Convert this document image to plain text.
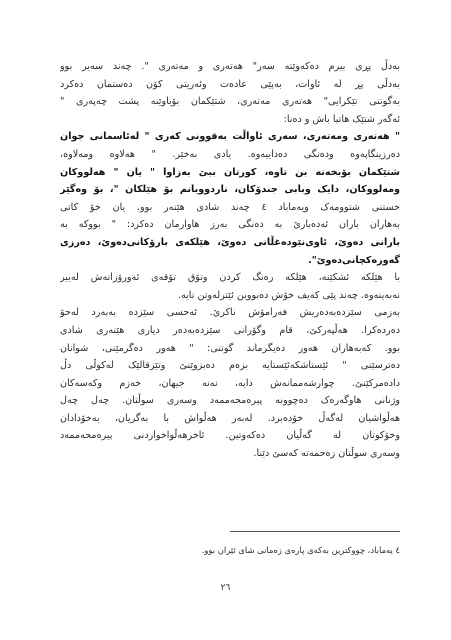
بەدڵ پڕی بیرم دەکەوێتە سەر" هەتەری و مەتەری ". چەند سەیر بوو
بەدڵی پڕ لە ئاوات، بەپێی عادەت وئەریتی کۆن دەستمان دەکرد
بەگوتنی تێکرایی" هەتەری مەتەری، شتێکمان بۆباوێنە پشت چەپەری "
ئەگەر شتێک هاتبا باش و دەنا:
" هەتەری ومەتەری، سەری ئاواڵت بەقوونی کەری " لەئاسمانی جوان
دەرزینگاپەوە ودەنگی دەداییەوە. یادی بەخێر. " هەلاوە ومەلاوە،
شتێکمان بۆبخەنە بن تاوە، کورتان ببێ بەزاوا " یان " هەلووکان
ومەلووکان، دایک وبابی جندۆکان، ناردوویانم بۆ هێلکان "، بۆ وەگێر
خستنی شتوومەک ویەماباد ٤ چەند شادی هێنەر بوو. یان خۆ کاتی
بەهاران باران ئەدەبارێ بە دەنگی بەرز هاوارمان دەکرد: " بووکە بە
بارانی دەوێ، ئاوی‌نێودەغڵانی دەوێ، هێلکەی بارۆکانی‌دەوێ، دەرزی
گەورەکچانی‌دەوێ".
با هێلکە ئشکێنە، هێلکە رەنگ کردن وتۆق تۆقەی ئەورۆزانەش لەبیر
نەبەینەوە. چەند پێی کەیف خۆش دەبووین ئێترلەوتن نایە.
بەزمی سێزدەبەدەریش فەرامۆش ناکرێ. ئەحسی سێزدە بەبەرد لەحۆ
دەردەکرا. هەڵپەرکێ، قام وگۆرانی سێزدەبەدەر دیاری هێنەری شادی
بوو. کەبەهاران هەور دەیگرماند گوتنی: " هەور دەگرمێنی، شوانان
دەترسێنی " ئێستاشکەئێستایە بزەم دەبزوێنێ وتێزقالێک لەکوڵی دڵ
دادەمرکێنێ. چوارشەممانەش دایە، نەنە جیهان، خەزم وکەسەکان
وژنانی هاوگەرەک دەچوونە پیرەمحەممەد وسەری سوڵتان. چەل چەل
هەڵواشیان لەگەڵ خۆدەبرد. لەبەر هەڵواش با بەگریان، بەخۆدادان
وخۆکوتان لە گەڵیان دەکەوتین. ئاخرهەڵواخواردنی پیرەمحەممەد
وسەری سوڵتان زەحمەتە کەسێ دێنا.
٤ یەماباد، چووکترین بەکەی پارەی زەمانی شای ئێران بوو.
٢٦
